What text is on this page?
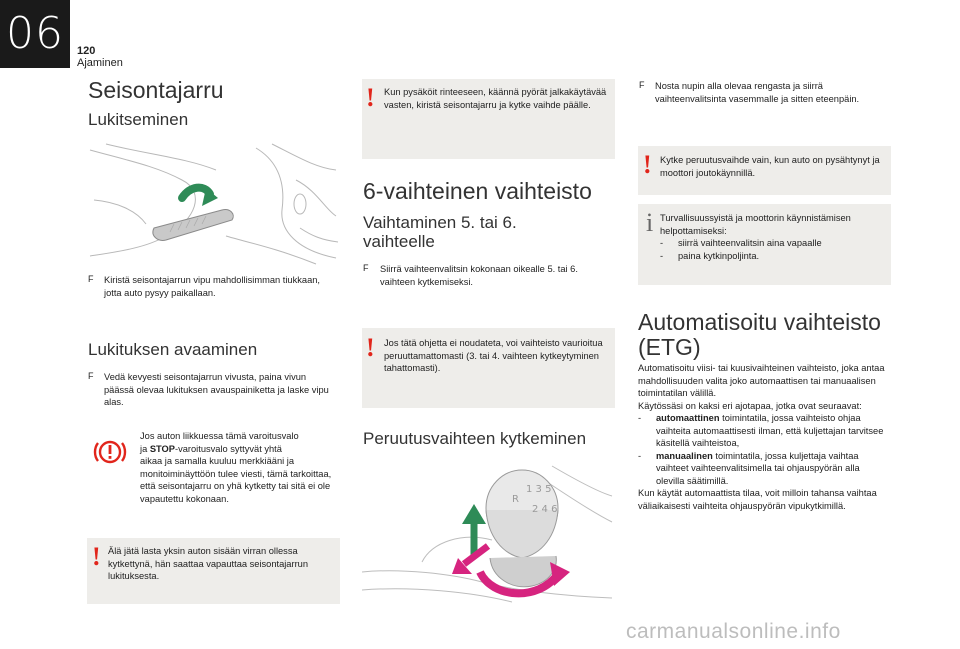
06	120
Ajaminen
Seisontajarru
Lukitseminen
F Kiristä seisontajarrun vipu mahdollisimman tiukkaan, jotta auto pysyy paikallaan.
Lukituksen avaaminen
F Vedä kevyesti seisontajarrun vivusta, paina vivun päässä olevaa lukituksen avauspainiketta ja laske vipu alas.
Jos auton liikkuessa tämä varoitusvalo
ja STOP-varoitusvalo syttyvät yhtä
aikaa ja samalla kuuluu merkkiääni ja monitoiminäyttöön tulee viesti, tämä tarkoittaa, että seisontajarru on yhä kytketty tai sitä ei ole vapautettu kokonaan.
! Älä jätä lasta yksin auton sisään virran ollessa kytkettynä, hän saattaa vapauttaa seisontajarrun lukituksesta.
! Kun pysäköit rinteeseen, käännä pyörät jalkakäytävää vasten, kiristä seisontajarru ja kytke vaihde päälle.
6-vaihteinen vaihteisto
Vaihtaminen 5. tai 6. vaihteelle
F Siirrä vaihteenvalitsin kokonaan oikealle 5. tai 6. vaihteen kytkemiseksi.
! Jos tätä ohjetta ei noudateta, voi vaihteisto vaurioitua peruuttamattomasti (3. tai 4. vaihteen kytkeytyminen tahattomasti).
Peruutusvaihteen kytkeminen
1 3 5
2 4 6
R
F Nosta nupin alla olevaa rengasta ja siirrä vaihteenvalitsinta vasemmalle ja sitten eteenpäin.
! Kytke peruutusvaihde vain, kun auto on pysähtynyt ja moottori joutokäynnillä.
i Turvallisuussyistä ja moottorin käynnistämisen helpottamiseksi:
- siirrä vaihteenvalitsin aina vapaalle
- paina kytkinpoljinta.
Automatisoitu vaihteisto (ETG)
Automatisoitu viisi- tai kuusivaihteinen vaihteisto, joka antaa mahdollisuuden valita joko automaattisen tai manuaalisen toimintatilan välillä.
Käytössäsi on kaksi eri ajotapaa, jotka ovat seuraavat:
- automaattinen toimintatila, jossa vaihteisto ohjaa vaihteita automaattisesti ilman, että kuljettajan tarvitsee käsitellä vaihteistoa,
- manuaalinen toimintatila, jossa kuljettaja vaihtaa vaihteet vaihteenvalitsimella tai ohjauspyörän alla olevilla säätimillä.
Kun käytät automaattista tilaa, voit milloin tahansa vaihtaa väliaikaisesti vaihteita ohjauspyörän vipukytkimillä.
carmanualsonline.info
